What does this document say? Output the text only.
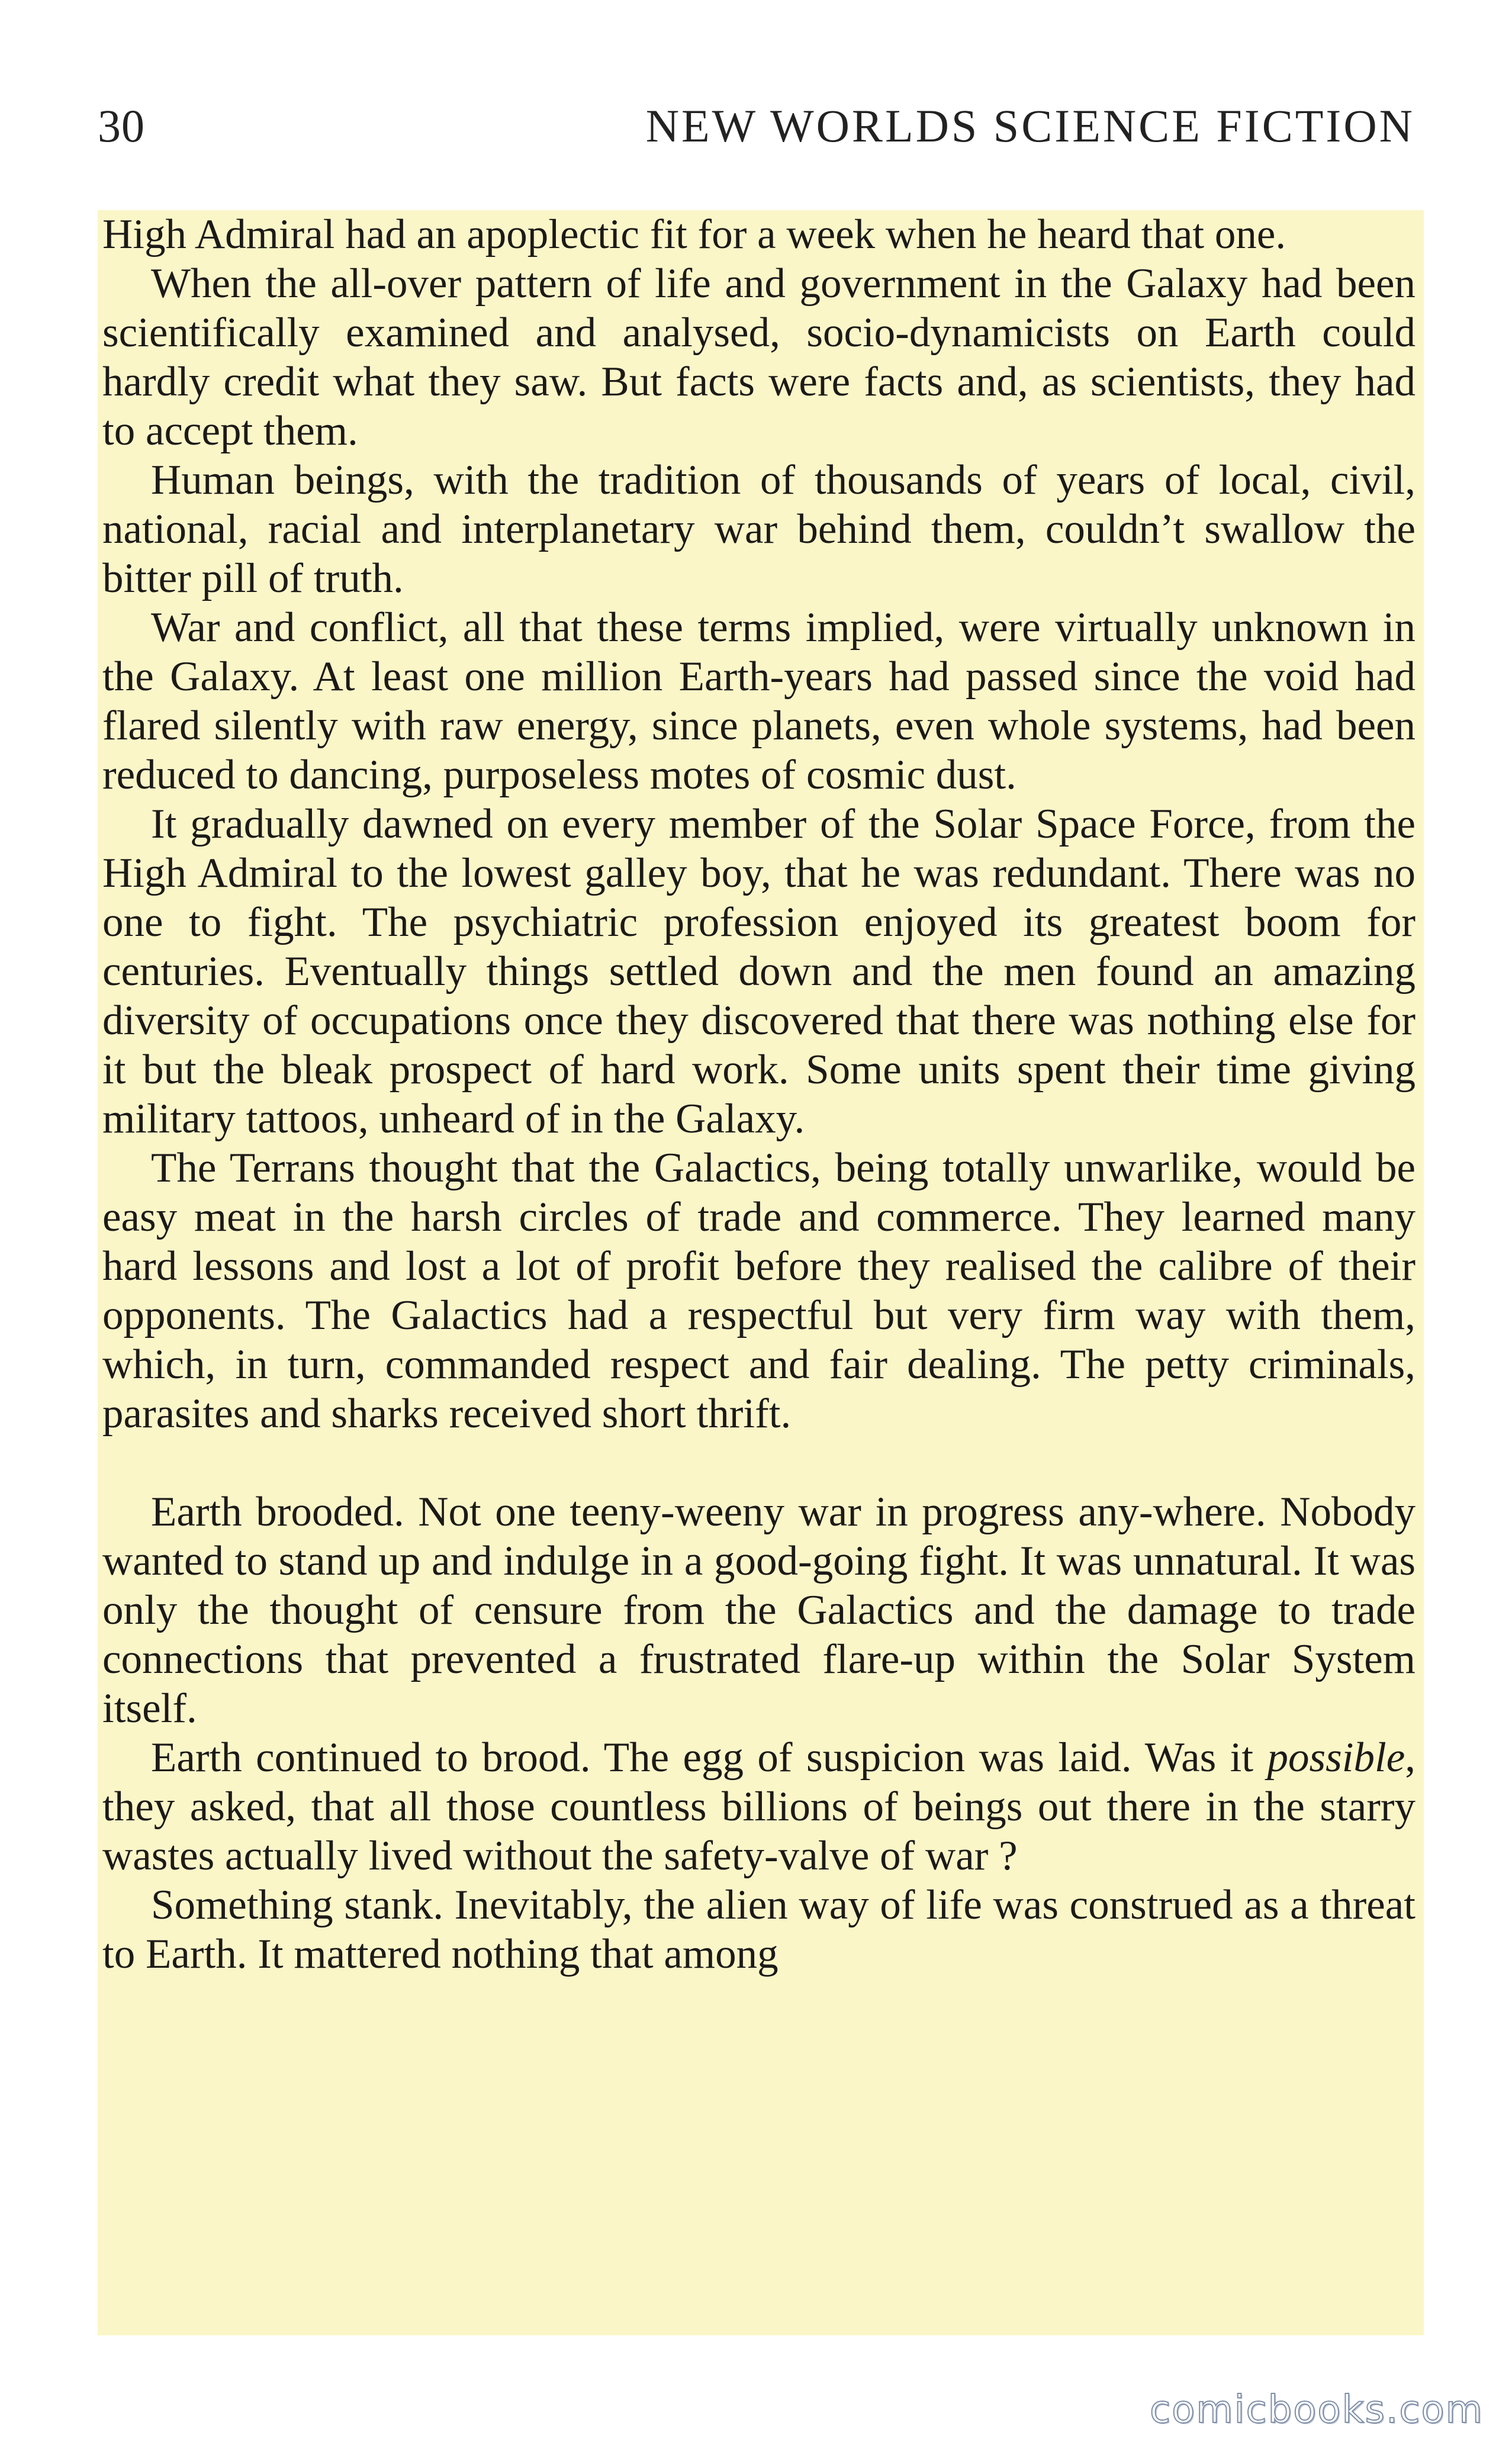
30	NEW WORLDS SCIENCE FICTION

High Admiral had an apoplectic fit for a week when he heard that one.

When the all-over pattern of life and government in the Galaxy had been scientifically examined and analysed, socio-dynamicists on Earth could hardly credit what they saw. But facts were facts and, as scientists, they had to accept them.

Human beings, with the tradition of thousands of years of local, civil, national, racial and interplanetary war behind them, couldn’t swallow the bitter pill of truth.

War and conflict, all that these terms implied, were virtually unknown in the Galaxy. At least one million Earth-years had passed since the void had flared silently with raw energy, since planets, even whole systems, had been reduced to dancing, purposeless motes of cosmic dust.

It gradually dawned on every member of the Solar Space Force, from the High Admiral to the lowest galley boy, that he was redundant. There was no one to fight. The psychiatric profession enjoyed its greatest boom for centuries. Eventually things settled down and the men found an amazing diversity of occupations once they discovered that there was nothing else for it but the bleak prospect of hard work. Some units spent their time giving military tattoos, unheard of in the Galaxy.

The Terrans thought that the Galactics, being totally unwarlike, would be easy meat in the harsh circles of trade and commerce. They learned many hard lessons and lost a lot of profit before they realised the calibre of their opponents. The Galactics had a respectful but very firm way with them, which, in turn, commanded respect and fair dealing. The petty criminals, parasites and sharks received short thrift.

Earth brooded. Not one teeny-weeny war in progress any-where. Nobody wanted to stand up and indulge in a good-going fight. It was unnatural. It was only the thought of censure from the Galactics and the damage to trade connections that prevented a frustrated flare-up within the Solar System itself.

Earth continued to brood. The egg of suspicion was laid. Was it possible, they asked, that all those countless billions of beings out there in the starry wastes actually lived without the safety-valve of war ?

Something stank. Inevitably, the alien way of life was construed as a threat to Earth. It mattered nothing that among

comicbooks.com
